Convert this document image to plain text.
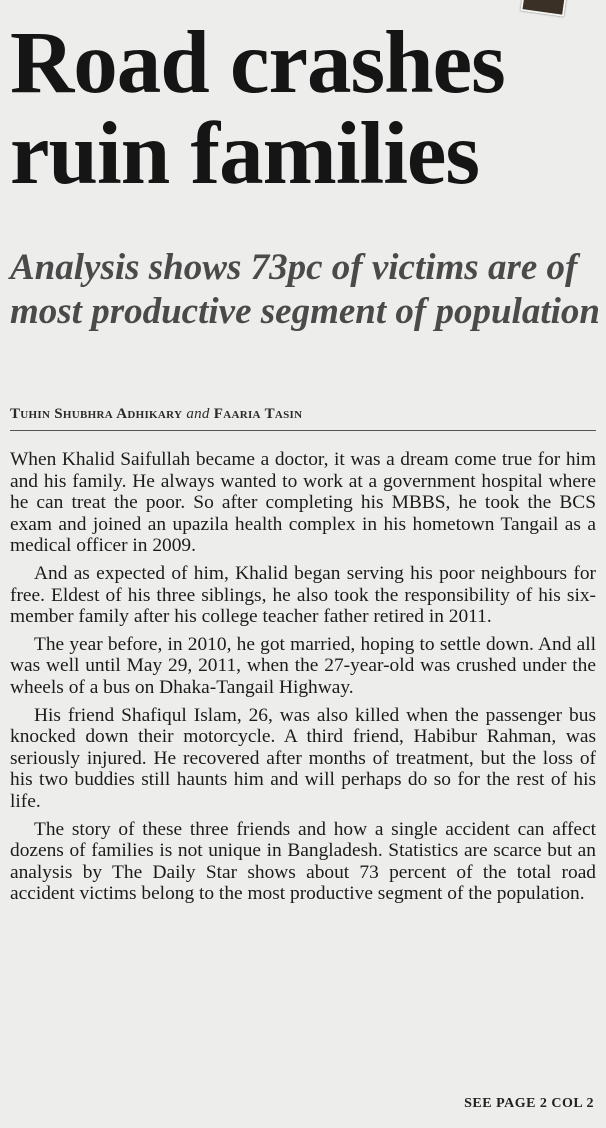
Road crashes ruin families
Analysis shows 73pc of victims are of most productive segment of population
Tuhin Shubhra Adhikary and Faaria Tasin

When Khalid Saifullah became a doctor, it was a dream come true for him and his family. He always wanted to work at a government hospital where he can treat the poor. So after completing his MBBS, he took the BCS exam and joined an upazila health complex in his hometown Tangail as a medical officer in 2009.

And as expected of him, Khalid began serving his poor neighbours for free. Eldest of his three siblings, he also took the responsibility of his six-member family after his college teacher father retired in 2011.

The year before, in 2010, he got married, hoping to settle down. And all was well until May 29, 2011, when the 27-year-old was crushed under the wheels of a bus on Dhaka-Tangail Highway.

His friend Shafiqul Islam, 26, was also killed when the passenger bus knocked down their motorcycle. A third friend, Habibur Rahman, was seriously injured. He recovered after months of treatment, but the loss of his two buddies still haunts him and will perhaps do so for the rest of his life.

The story of these three friends and how a single accident can affect dozens of families is not unique in Bangladesh. Statistics are scarce but an analysis by The Daily Star shows about 73 percent of the total road accident victims belong to the most productive segment of the population.

SEE PAGE 2 COL 2
